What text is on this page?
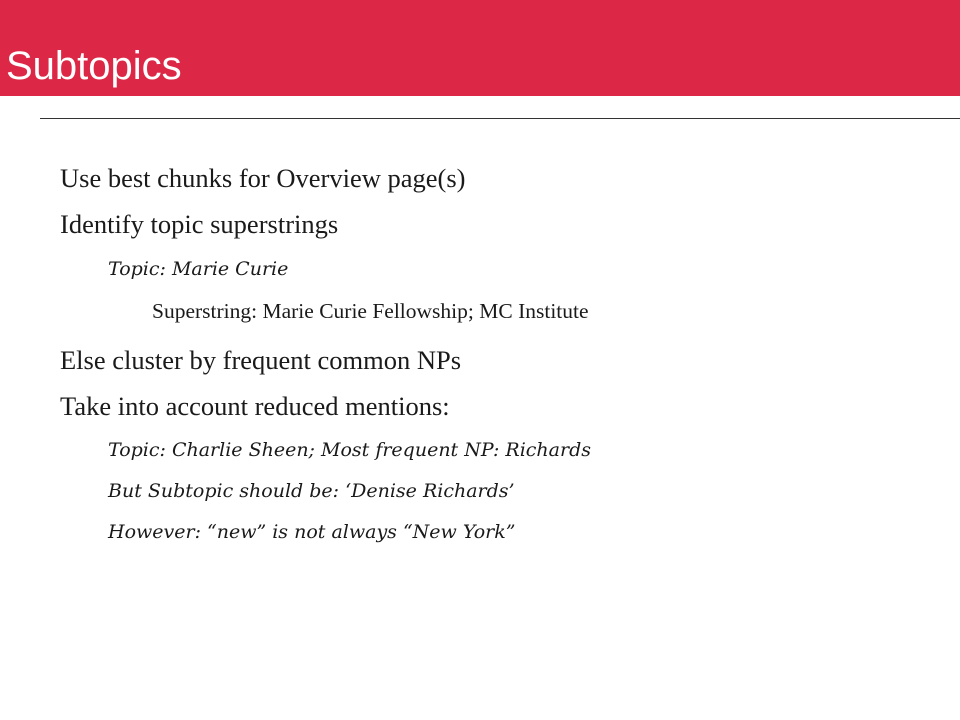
Subtopics
Use best chunks for Overview page(s)
Identify topic superstrings
Topic: Marie Curie
Superstring: Marie Curie Fellowship; MC Institute
Else cluster by frequent common NPs
Take into account reduced mentions:
Topic: Charlie Sheen; Most frequent NP: Richards
But Subtopic should be: ‘Denise Richards’
However: “new” is not always “New York”
